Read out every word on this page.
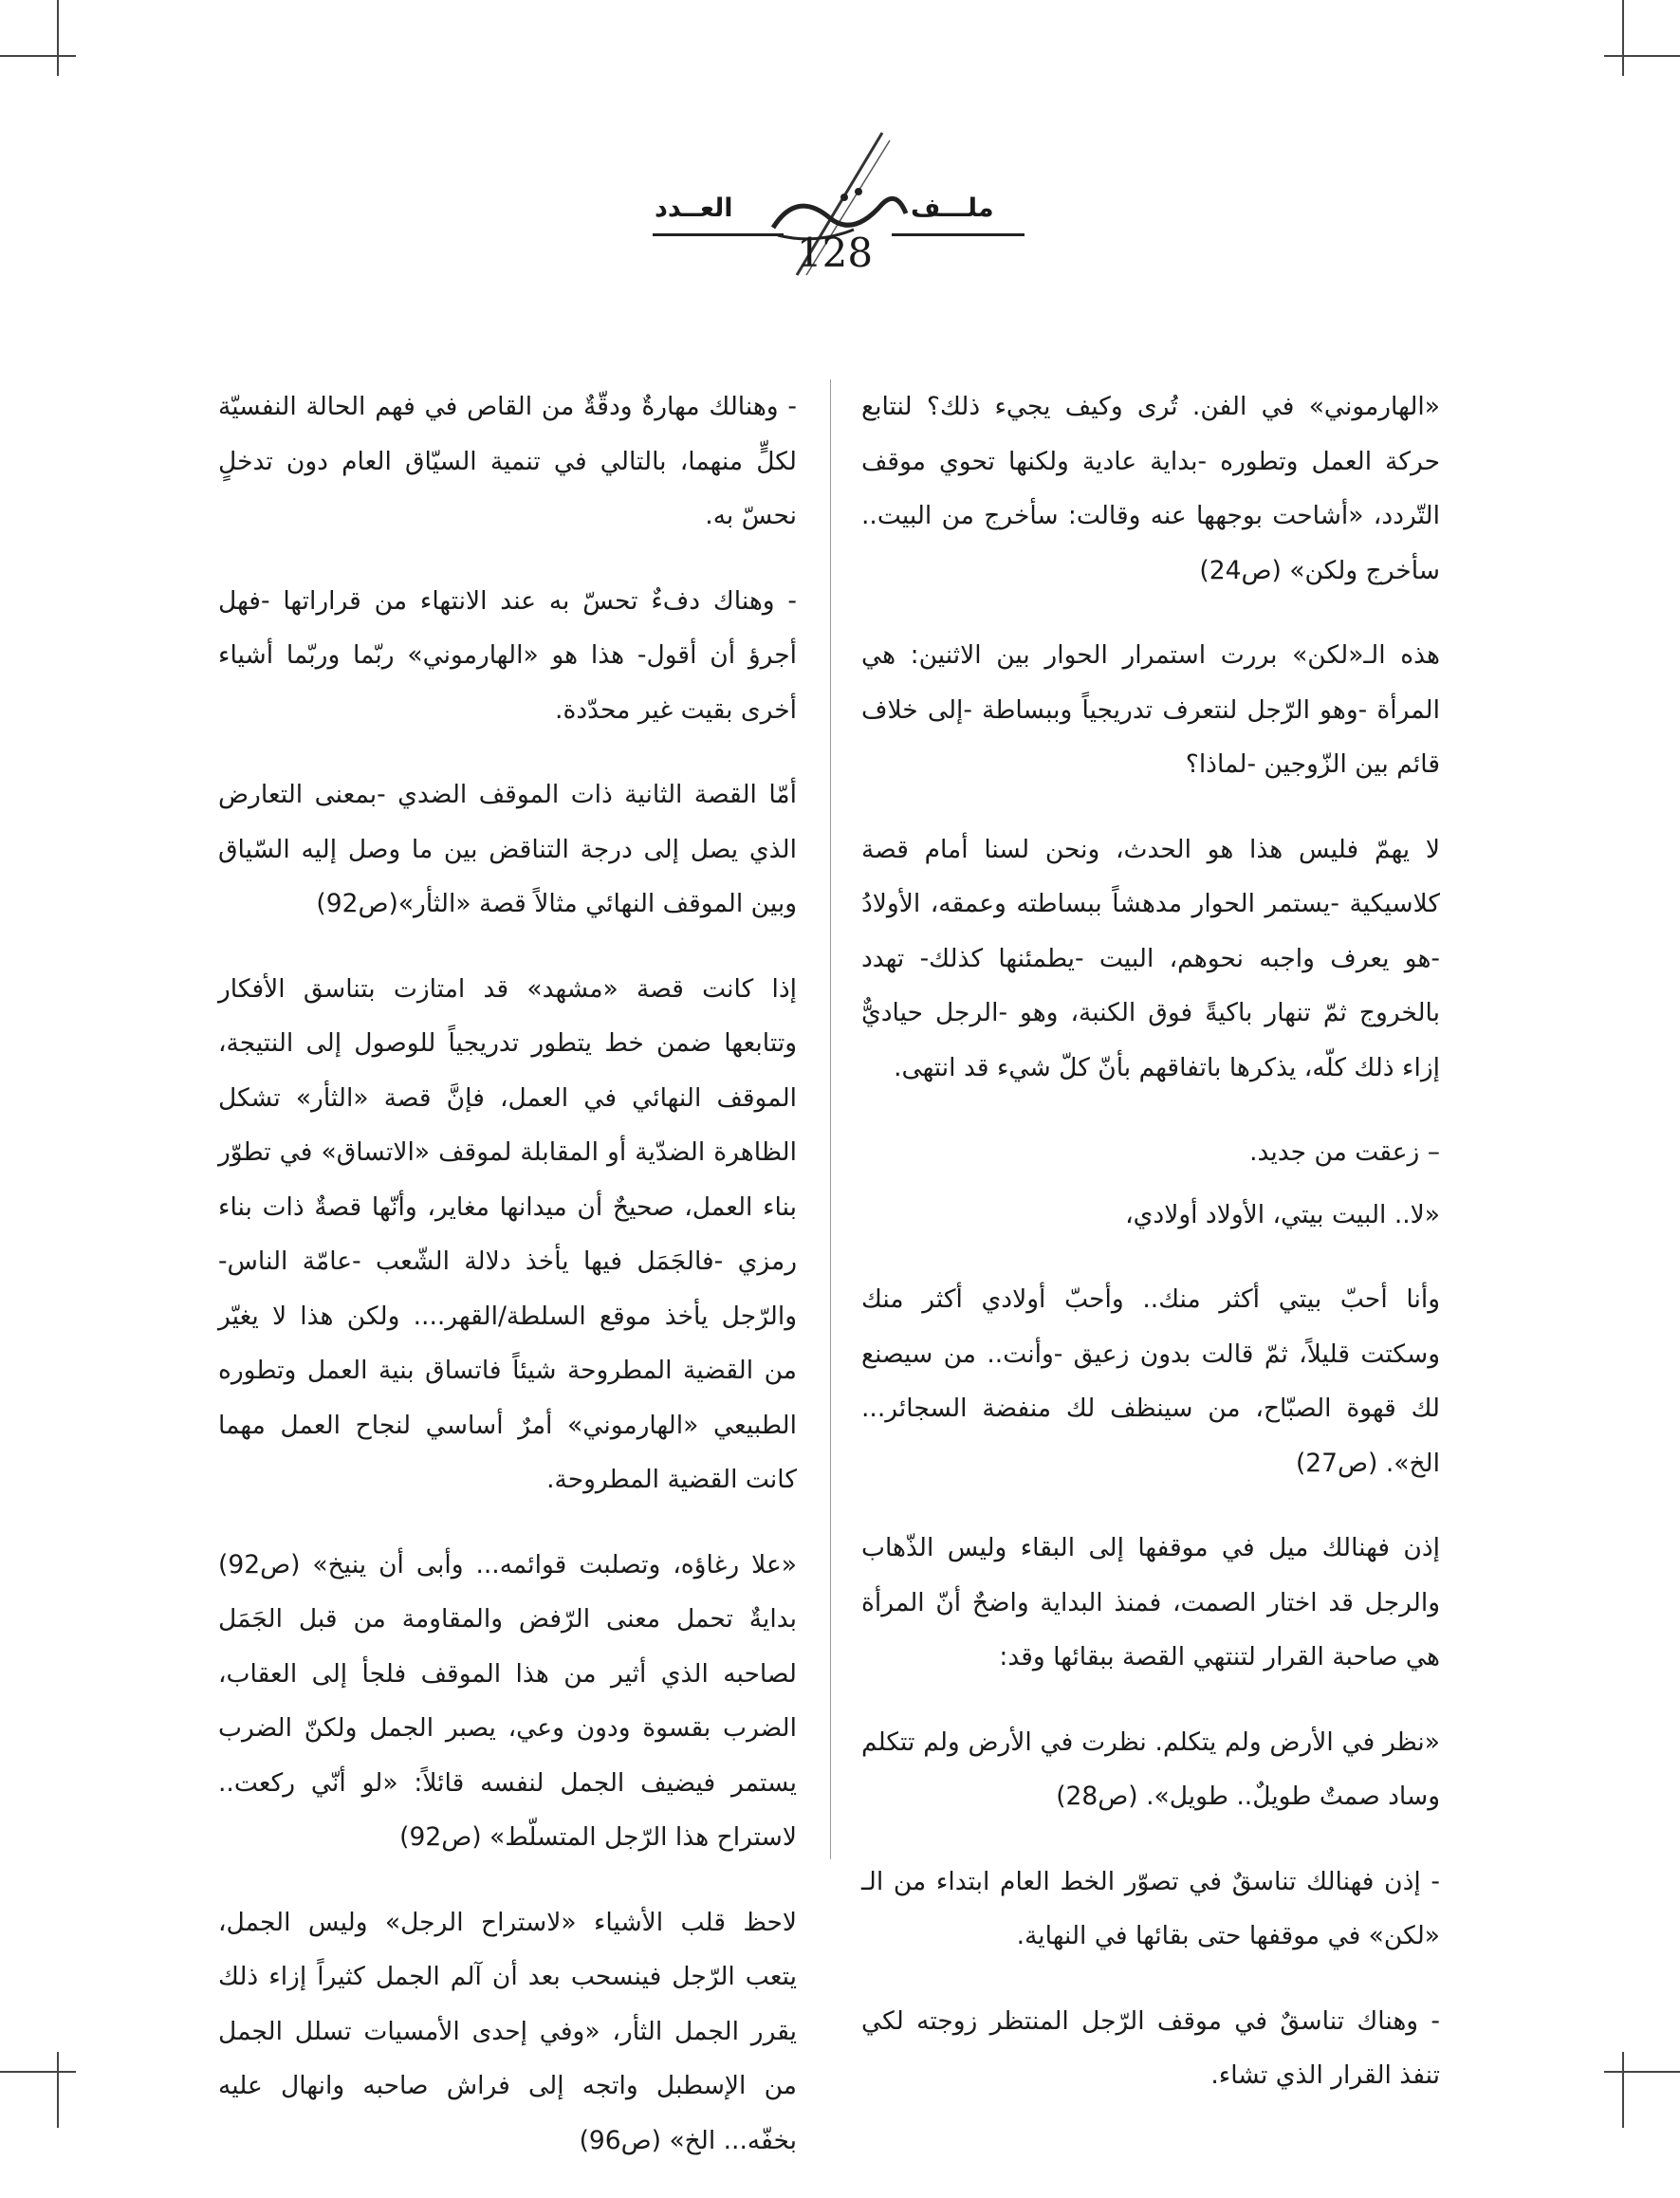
العــدد	ملـــف
128

«الهارموني» في الفن. تُرى وكيف يجيء ذلك؟ لنتابع حركة العمل وتطوره -بداية عادية ولكنها تحوي موقف التّردد، «أشاحت بوجهها عنه وقالت: سأخرج من البيت.. سأخرج ولكن» (ص24)

هذه الـ«لكن» بررت استمرار الحوار بين الاثنين: هي المرأة -وهو الرّجل لنتعرف تدريجياً وببساطة -إلى خلاف قائم بين الزّوجين -لماذا؟

لا يهمّ فليس هذا هو الحدث، ونحن لسنا أمام قصة كلاسيكية -يستمر الحوار مدهشاً ببساطته وعمقه، الأولادُ -هو يعرف واجبه نحوهم، البيت -يطمئنها كذلك- تهدد بالخروج ثمّ تنهار باكيةً فوق الكنبة، وهو -الرجل حياديٌّ إزاء ذلك كلّه، يذكرها باتفاقهم بأنّ كلّ شيء قد انتهى.

– زعقت من جديد.

«لا.. البيت بيتي، الأولاد أولادي،

وأنا أحبّ بيتي أكثر منك.. وأحبّ أولادي أكثر منك وسكتت قليلاً، ثمّ قالت بدون زعيق -وأنت.. من سيصنع لك قهوة الصبّاح، من سينظف لك منفضة السجائر... الخ». (ص27)

إذن فهنالك ميل في موقفها إلى البقاء وليس الذّهاب والرجل قد اختار الصمت، فمنذ البداية واضحٌ أنّ المرأة هي صاحبة القرار لتنتهي القصة ببقائها وقد:

«نظر في الأرض ولم يتكلم. نظرت في الأرض ولم تتكلم وساد صمتٌ طويلٌ.. طويل». (ص28)

- إذن فهنالك تناسقٌ في تصوّر الخط العام ابتداء من الـ «لكن» في موقفها حتى بقائها في النهاية.

- وهناك تناسقٌ في موقف الرّجل المنتظر زوجته لكي تنفذ القرار الذي تشاء.

- وهنالك مهارةٌ ودقّةٌ من القاص في فهم الحالة النفسيّة لكلٍّ منهما، بالتالي في تنمية السيّاق العام دون تدخلٍ نحسّ به.

- وهناك دفءٌ تحسّ به عند الانتهاء من قراراتها -فهل أجرؤ أن أقول- هذا هو «الهارموني» ربّما وربّما أشياء أخرى بقيت غير محدّدة.

أمّا القصة الثانية ذات الموقف الضدي -بمعنى التعارض الذي يصل إلى درجة التناقض بين ما وصل إليه السّياق وبين الموقف النهائي مثالاً قصة «الثأر»(ص92)

إذا كانت قصة «مشهد» قد امتازت بتناسق الأفكار وتتابعها ضمن خط يتطور تدريجياً للوصول إلى النتيجة، الموقف النهائي في العمل، فإنَّ قصة «الثأر» تشكل الظاهرة الضدّية أو المقابلة لموقف «الاتساق» في تطوّر بناء العمل، صحيحٌ أن ميدانها مغاير، وأنّها قصةٌ ذات بناء رمزي -فالجَمَل فيها يأخذ دلالة الشّعب -عامّة الناس- والرّجل يأخذ موقع السلطة/القهر.... ولكن هذا لا يغيّر من القضية المطروحة شيئاً فاتساق بنية العمل وتطوره الطبيعي «الهارموني» أمرٌ أساسي لنجاح العمل مهما كانت القضية المطروحة.

«علا رغاؤه، وتصلبت قوائمه... وأبى أن ينيخ» (ص92) بدايةٌ تحمل معنى الرّفض والمقاومة من قبل الجَمَل لصاحبه الذي أثير من هذا الموقف فلجأ إلى العقاب، الضرب بقسوة ودون وعي، يصبر الجمل ولكنّ الضرب يستمر فيضيف الجمل لنفسه قائلاً: «لو أنّي ركعت.. لاستراح هذا الرّجل المتسلّط» (ص92)

لاحظ قلب الأشياء «لاستراح الرجل» وليس الجمل، يتعب الرّجل فينسحب بعد أن آلم الجمل كثيراً إزاء ذلك يقرر الجمل الثأر، «وفي إحدى الأمسيات تسلل الجمل من الإسطبل واتجه إلى فراش صاحبه وانهال عليه بخفّه... الخ» (ص96)
